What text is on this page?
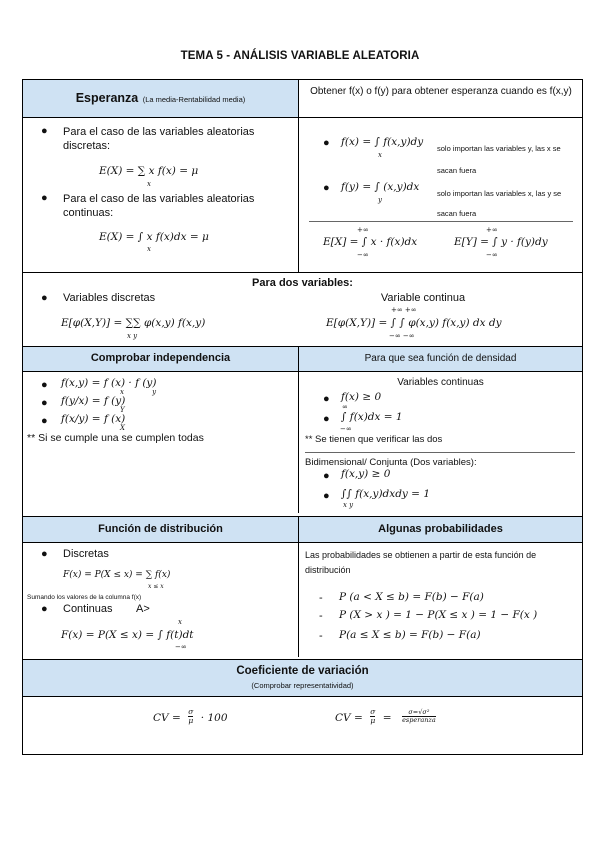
TEMA 5 - ANÁLISIS VARIABLE ALEATORIA
Esperanza (La media-Rentabilidad media)
Obtener f(x) o f(y) para obtener esperanza cuando es f(x,y)
● Para el caso de las variables aleatorias discretas:
E(X) = ∑ x f(x) = μ
x
● Para el caso de las variables aleatorias continuas:
E(X) = ∫ x f(x)dx = μ
x
● f(x) = ∫ f(x,y)dy
x
solo importan las variables y, las x se sacan fuera
● f(y) = ∫ (x,y)dx
y
solo importan las variables x, las y se sacan fuera
+∞
E[X] = ∫ x · f(x)dx
−∞
+∞
E[Y] = ∫ y · f(y)dy
−∞
Para dos variables:
● Variables discretas
E[φ(X,Y)] = ∑∑ φ(x,y) f(x,y)
x y
Variable continua
+∞ +∞
E[φ(X,Y)] = ∫ ∫ φ(x,y) f(x,y) dx dy
−∞ −∞
Comprobar independencia	Para que sea función de densidad
● f(x,y) = f (x) · f (y)
x y
● f(y/x) = f (y)
Y
● f(x/y) = f (x)
X
** Si se cumple una se cumplen todas
Variables continuas
● f(x) ≥ 0
∞
● ∫ f(x)dx = 1
−∞
** Se tienen que verificar las dos
Bidimensional/ Conjunta (Dos variables):
● f(x,y) ≥ 0
● ∫∫ f(x,y)dxdy = 1
x y
Función de distribución	Algunas probabilidades
● Discretas
F(x) = P(X ≤ x) = ∑ f(x)
x ≤ x
Sumando los valores de la columna f(x)
● Continuas A>
x
F(x) = P(X ≤ x) = ∫ f(t)dt
−∞
Las probabilidades se obtienen a partir de esta función de distribución
- P (a < X ≤ b) = F(b) − F(a)
- P (X > x ) = 1 − P(X ≤ x ) = 1 − F(x )
- P(a ≤ X ≤ b) = F(b) − F(a)
Coeficiente de variación
(Comprobar representatividad)
CV = $\frac{\sigma}{\mu} \cdot 100$	CV = $\frac{\sigma}{\mu} = \frac{\text{σ=√σ²}}{\text{esperanza}}$
